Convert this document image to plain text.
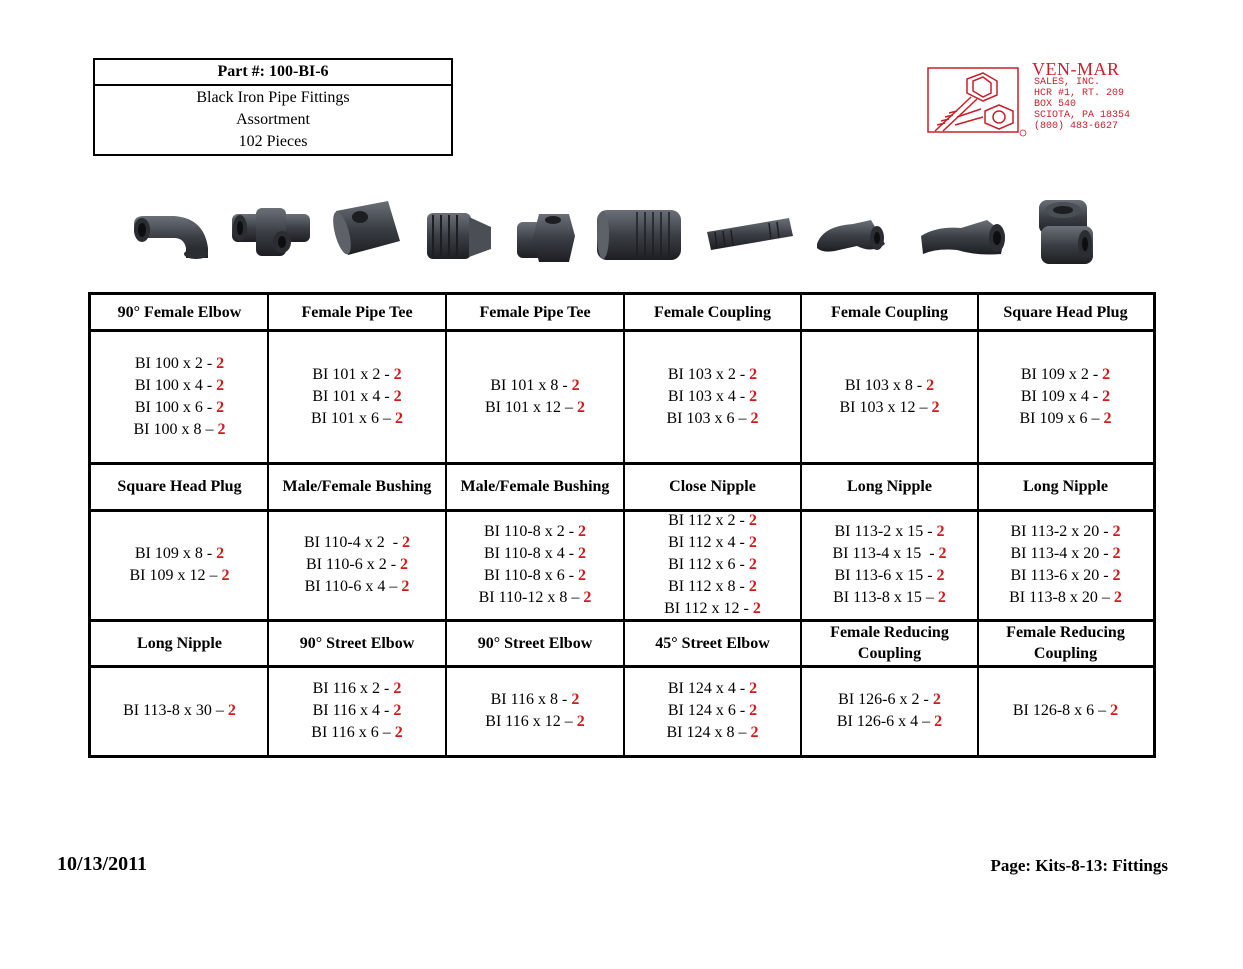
Part #: 100-BI-6
Black Iron Pipe Fittings
Assortment
102 Pieces
VEN-MAR
SALES, INC.
HCR #1, RT. 209
BOX 540
SCIOTA, PA 18354
(800) 483-6627
90° Female Elbow
BI 100 x 2 - 2
BI 100 x 4 - 2
BI 100 x 6 - 2
BI 100 x 8 – 2
Female Pipe Tee
BI 101 x 2 - 2
BI 101 x 4 - 2
BI 101 x 6 – 2
Female Pipe Tee
BI 101 x 8 - 2
BI 101 x 12 – 2
Female Coupling
BI 103 x 2 - 2
BI 103 x 4 - 2
BI 103 x 6 – 2
Female Coupling
BI 103 x 8 - 2
BI 103 x 12 – 2
Square Head Plug
BI 109 x 2 - 2
BI 109 x 4 - 2
BI 109 x 6 – 2
Square Head Plug
BI 109 x 8 - 2
BI 109 x 12 – 2
Male/Female Bushing
BI 110-4 x 2  - 2
BI 110-6 x 2 - 2
BI 110-6 x 4 – 2
Male/Female Bushing
BI 110-8 x 2 - 2
BI 110-8 x 4 - 2
BI 110-8 x 6 - 2
BI 110-12 x 8 – 2
Close Nipple
BI 112 x 2 - 2
BI 112 x 4 - 2
BI 112 x 6 - 2
BI 112 x 8 - 2
BI 112 x 12 - 2
Long Nipple
BI 113-2 x 15 - 2
BI 113-4 x 15  - 2
BI 113-6 x 15 - 2
BI 113-8 x 15 – 2
Long Nipple
BI 113-2 x 20 - 2
BI 113-4 x 20 - 2
BI 113-6 x 20 - 2
BI 113-8 x 20 – 2
Long Nipple
BI 113-8 x 30 – 2
90° Street Elbow
BI 116 x 2 - 2
BI 116 x 4 - 2
BI 116 x 6 – 2
90° Street Elbow
BI 116 x 8 - 2
BI 116 x 12 – 2
45° Street Elbow
BI 124 x 4 - 2
BI 124 x 6 - 2
BI 124 x 8 – 2
Female Reducing Coupling
BI 126-6 x 2 - 2
BI 126-6 x 4 – 2
Female Reducing Coupling
BI 126-8 x 6 – 2
10/13/2011	Page: Kits-8-13: Fittings
